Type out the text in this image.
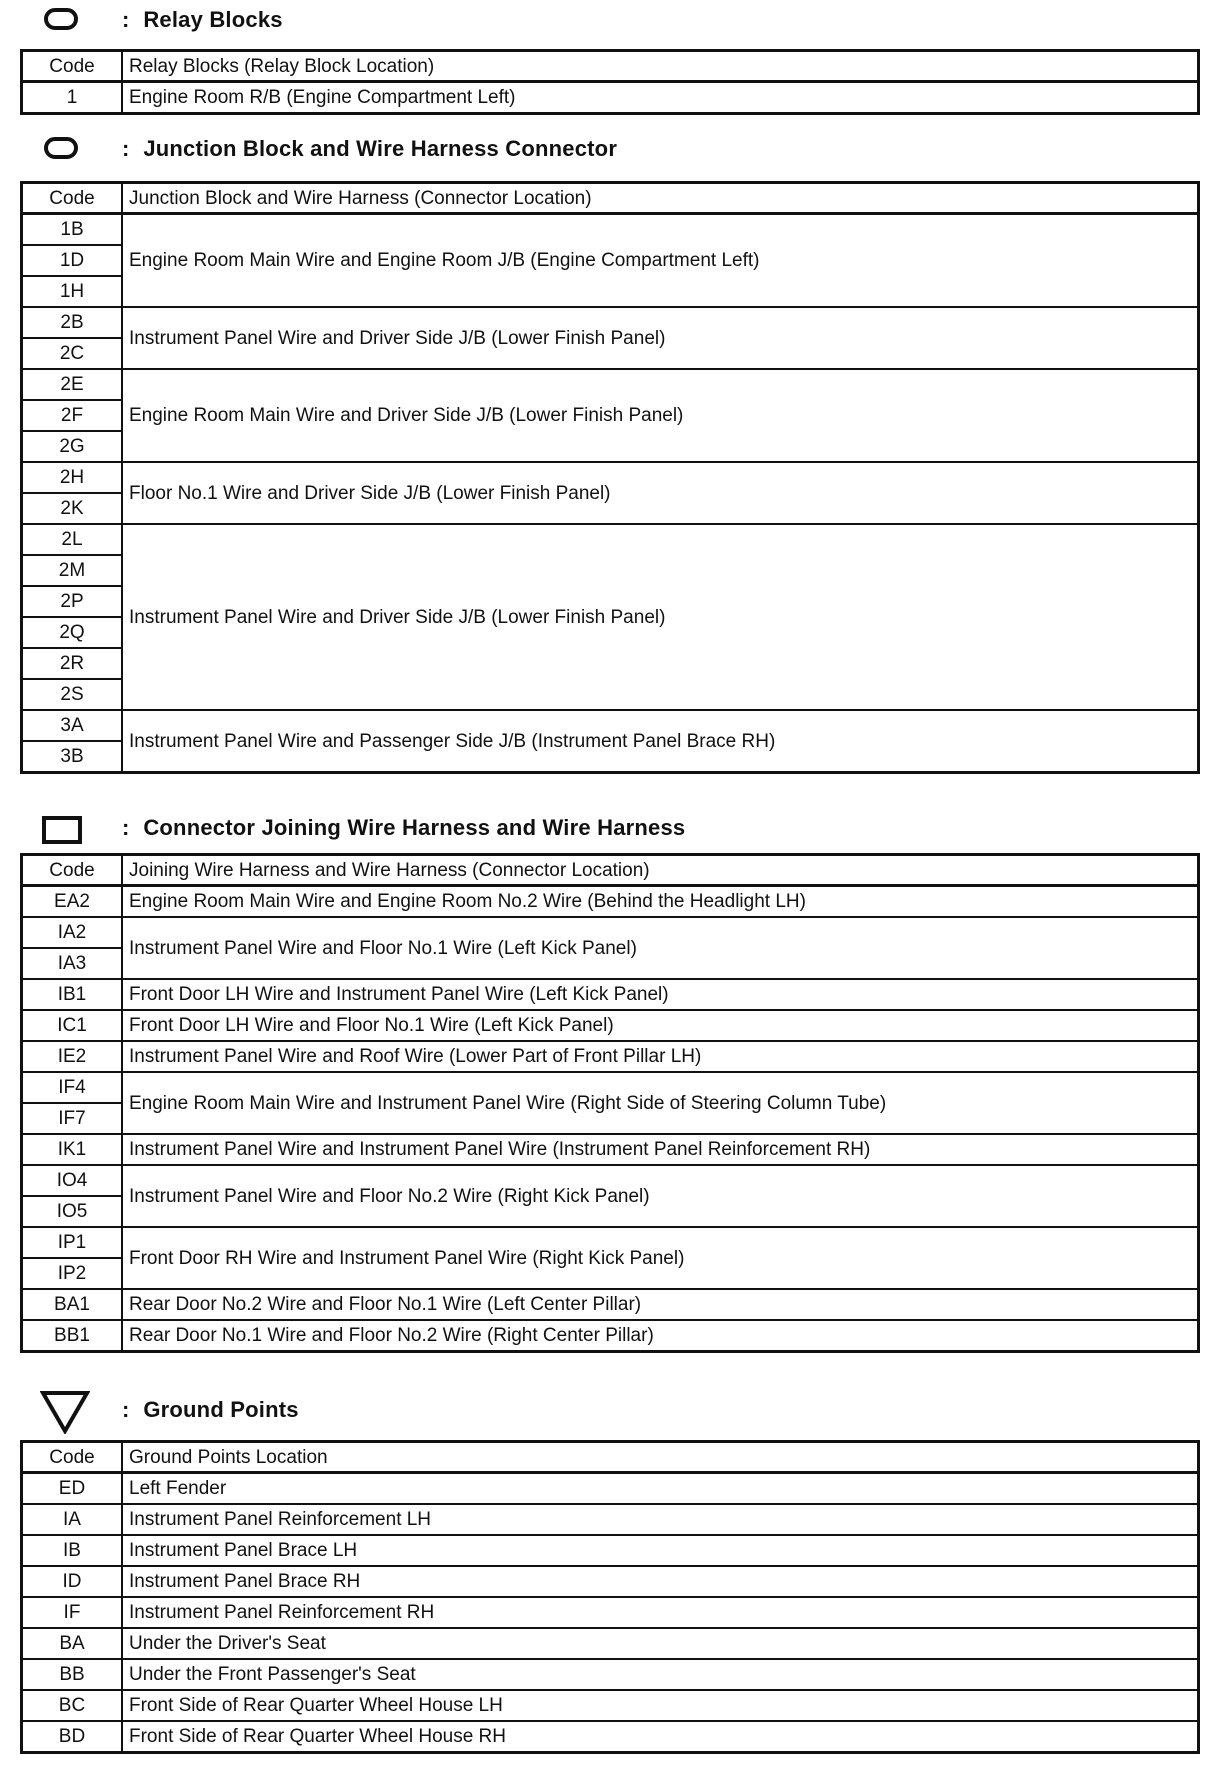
: Relay Blocks
Code	Relay Blocks (Relay Block Location)
1	Engine Room R/B (Engine Compartment Left)
: Junction Block and Wire Harness Connector
Code	Junction Block and Wire Harness (Connector Location)
1B	Engine Room Main Wire and Engine Room J/B (Engine Compartment Left)
1D	
1H	
2B	Instrument Panel Wire and Driver Side J/B (Lower Finish Panel)
2C	
2E	Engine Room Main Wire and Driver Side J/B (Lower Finish Panel)
2F	
2G	
2H	Floor No.1 Wire and Driver Side J/B (Lower Finish Panel)
2K	
2L	Instrument Panel Wire and Driver Side J/B (Lower Finish Panel)
2M	
2P	
2Q	
2R	
2S	
3A	Instrument Panel Wire and Passenger Side J/B (Instrument Panel Brace RH)
3B	
: Connector Joining Wire Harness and Wire Harness
Code	Joining Wire Harness and Wire Harness (Connector Location)
EA2	Engine Room Main Wire and Engine Room No.2 Wire (Behind the Headlight LH)
IA2	Instrument Panel Wire and Floor No.1 Wire (Left Kick Panel)
IA3	
IB1	Front Door LH Wire and Instrument Panel Wire (Left Kick Panel)
IC1	Front Door LH Wire and Floor No.1 Wire (Left Kick Panel)
IE2	Instrument Panel Wire and Roof Wire (Lower Part of Front Pillar LH)
IF4	Engine Room Main Wire and Instrument Panel Wire (Right Side of Steering Column Tube)
IF7	
IK1	Instrument Panel Wire and Instrument Panel Wire (Instrument Panel Reinforcement RH)
IO4	Instrument Panel Wire and Floor No.2 Wire (Right Kick Panel)
IO5	
IP1	Front Door RH Wire and Instrument Panel Wire (Right Kick Panel)
IP2	
BA1	Rear Door No.2 Wire and Floor No.1 Wire (Left Center Pillar)
BB1	Rear Door No.1 Wire and Floor No.2 Wire (Right Center Pillar)
: Ground Points
Code	Ground Points Location
ED	Left Fender
IA	Instrument Panel Reinforcement LH
IB	Instrument Panel Brace LH
ID	Instrument Panel Brace RH
IF	Instrument Panel Reinforcement RH
BA	Under the Driver's Seat
BB	Under the Front Passenger's Seat
BC	Front Side of Rear Quarter Wheel House LH
BD	Front Side of Rear Quarter Wheel House RH
